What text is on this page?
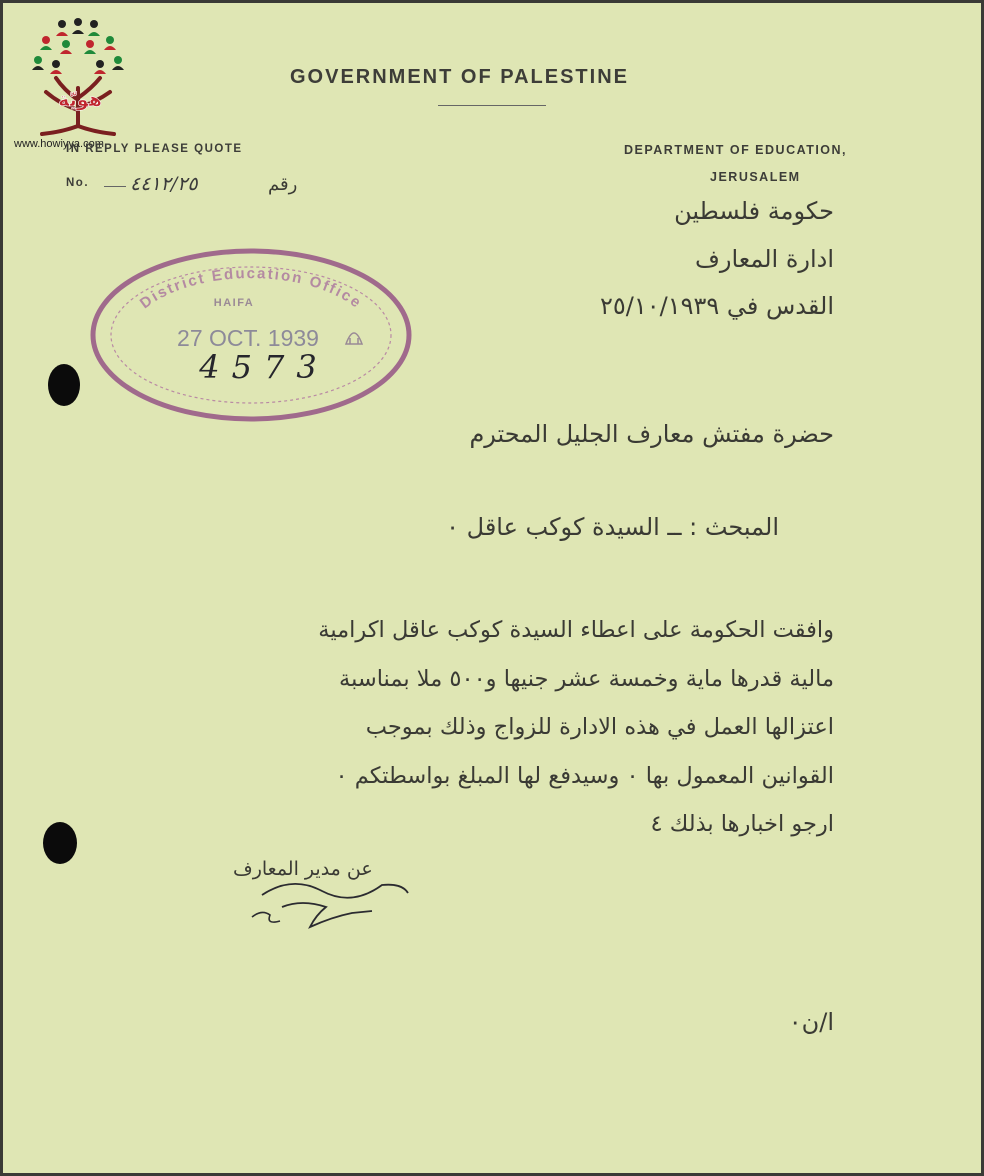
هويّة
www.howiyya.com
GOVERNMENT OF PALESTINE
IN REPLY PLEASE QUOTE	DEPARTMENT OF EDUCATION,
JERUSALEM
No. ٤٤١٢/٢٥	رقم
حكومة فلسطين
ادارة المعارف
القدس في ٢٥/١٠/١٩٣٩
District Education Office
HAIFA
27 OCT. 1939
4573
حضرة مفتش معارف الجليل المحترم
المبحث : ــ السيدة كوكب عاقل ٠
وافقت الحكومة على اعطاء السيدة كوكب عاقل اكرامية
مالية قدرها ماية وخمسة عشر جنيها و٥٠٠ ملا بمناسبة
اعتزالها العمل في هذه الادارة للزواج وذلك بموجب
القوانين المعمول بها ٠ وسيدفع لها المبلغ بواسطتكم ٠
ارجو اخبارها بذلك ٤
عن مدير المعارف
ا/ن٠
